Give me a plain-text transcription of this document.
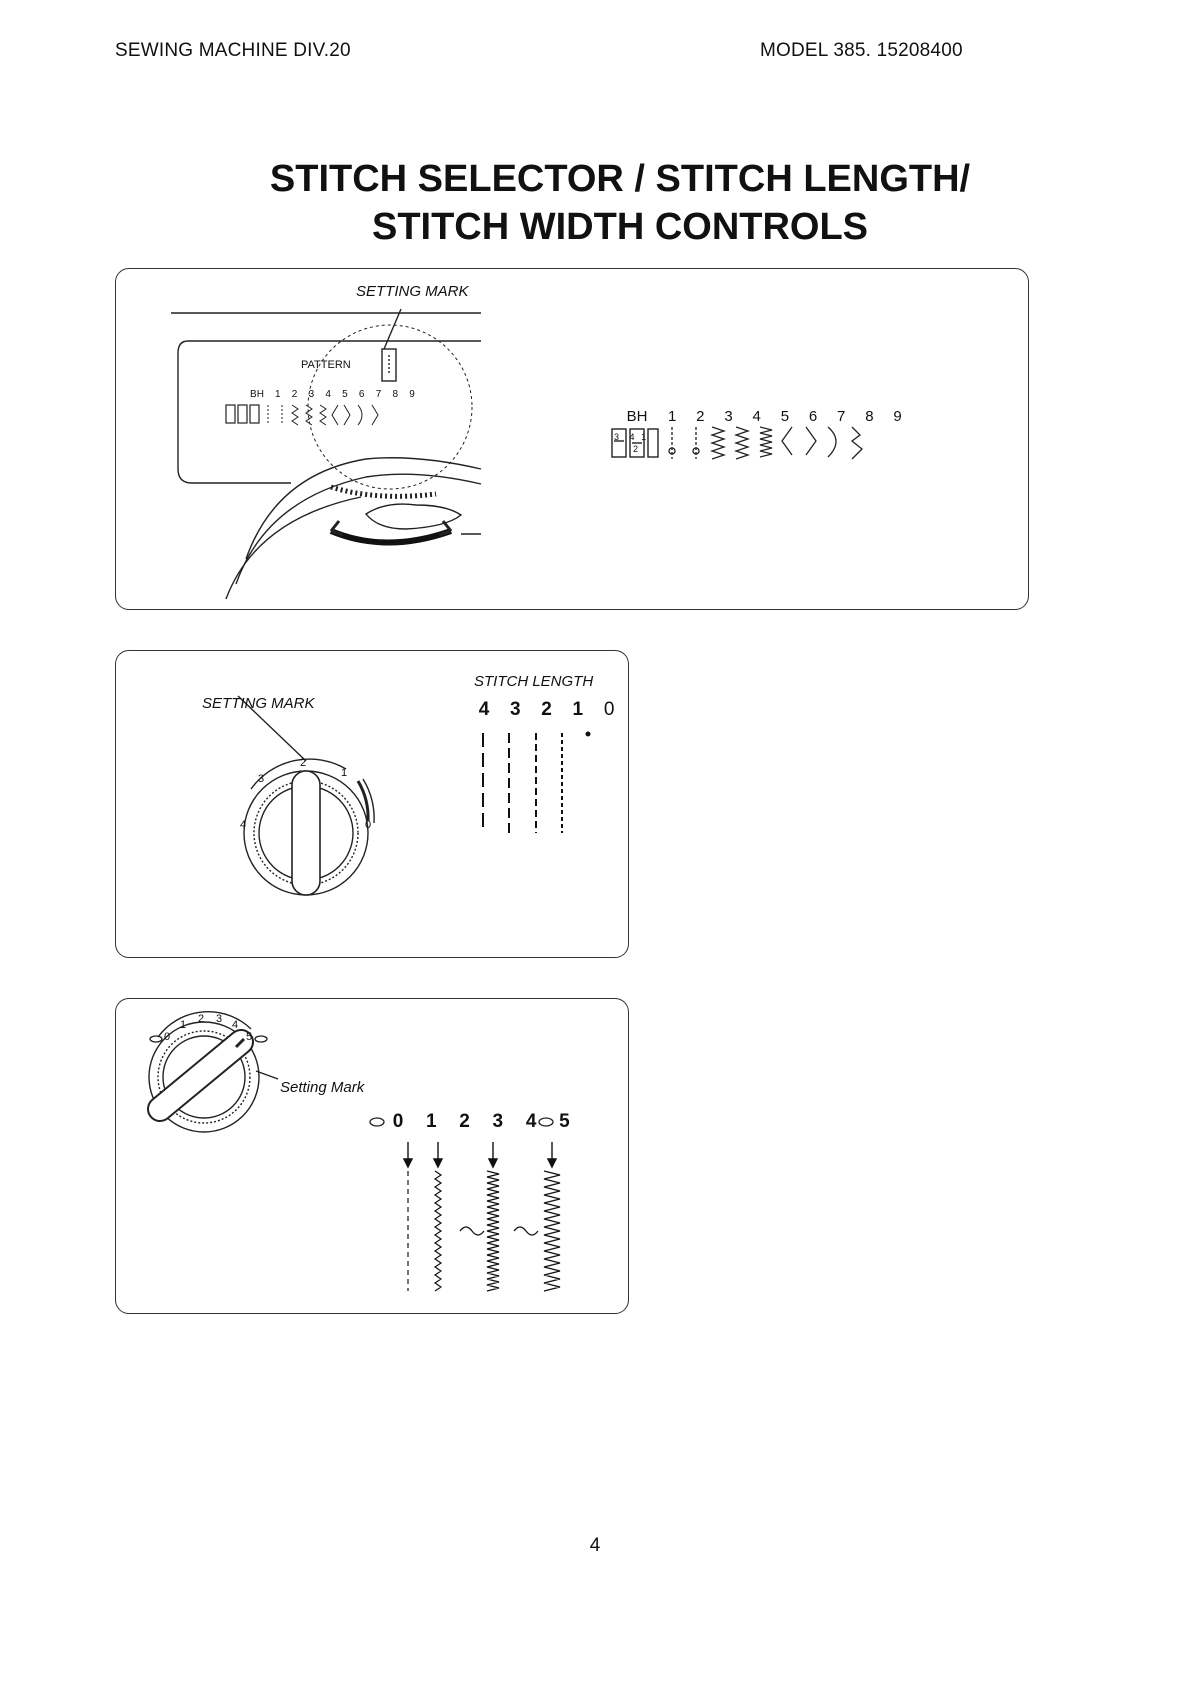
SEWING MACHINE DIV.20	MODEL 385. 15208400
STITCH SELECTOR / STITCH LENGTH/
STITCH WIDTH CONTROLS
SETTING MARK
PATTERN
BH 1 2 3 4 5 6 7 8 9
BH 1 2 3 4 5 6 7 8 9
3 4 1
2
SETTING MARK
STITCH LENGTH
4 3 2 1 0
2
3
4
1
0
Setting Mark
0 1 2 3 4 5
0
1 2 3 4
5
4
